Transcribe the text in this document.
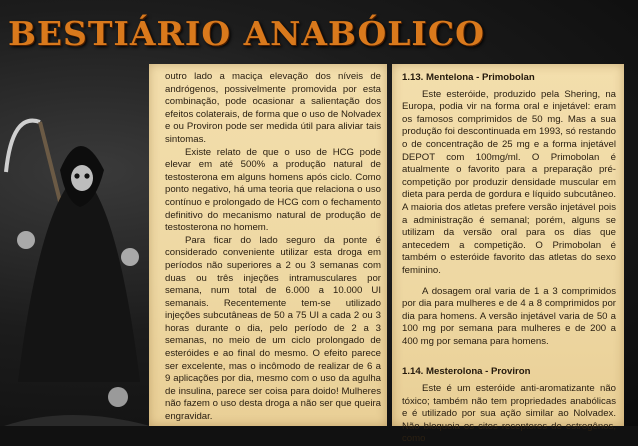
BESTIÁRIO ANABÓLICO

outro lado a maciça elevação dos níveis de andrógenos, possivelmente promovida por esta combinação, pode ocasionar a salientação dos efeitos colaterais, de forma que o uso de Nolvadex e ou Proviron pode ser medida útil para aliviar tais sintomas.

Existe relato de que o uso de HCG pode elevar em até 500% a produção natural de testosterona em alguns homens após ciclo. Como ponto negativo, há uma teoria que relaciona o uso contínuo e prolongado de HCG com o fechamento definitivo do mecanismo natural de produção de testosterona no homem.

Para ficar do lado seguro da ponte é considerado conveniente utilizar esta droga em períodos não superiores a 2 ou 3 semanas com duas ou três injeções intramusculares por semana, num total de 6.000 a 10.000 UI semanais. Recentemente tem-se utilizado injeções subcutâneas de 50 a 75 UI a cada 2 ou 3 horas durante o dia, pelo período de 2 a 3 semanas, no meio de um ciclo prolongado de esteróides e ao final do mesmo. O efeito parece ser excelente, mas o incômodo de realizar de 6 a 9 aplicações por dia, mesmo com o uso da agulha de insulina, parece ser coisa para doido! Mulheres não fazem o uso desta droga a não ser que queira engravidar.

1.13. Mentelona - Primobolan

Este esteróide, produzido pela Shering, na Europa, podia vir na forma oral e injetável: eram os famosos comprimidos de 50 mg. Mas a sua produção foi descontinuada em 1993, só restando o de concentração de 25 mg e a forma injetável DEPOT com 100mg/ml. O Primobolan é atualmente o favorito para a preparação pré-competição por produzir densidade muscular em dieta para perda de gordura e líquido subcutâneo. A maioria dos atletas prefere versão injetável pois a administração é semanal; porém, alguns se utilizam da versão oral para os dias que antecedem a competição. O Primobolan é também o esteróide favorito das atletas do sexo feminino.

A dosagem oral varia de 1 a 3 comprimidos por dia para mulheres e de 4 a 8 comprimidos por dia para homens. A versão injetável varia de 50 a 100 mg por semana para mulheres e de 200 a 400 mg por semana para homens.

1.14. Mesterolona - Proviron

Este é um esteróide anti-aromatizante não tóxico; também não tem propriedades anabólicas e é utilizado por sua ação similar ao Nolvadex. Não bloqueia os citos receptores de estrogênos, como
